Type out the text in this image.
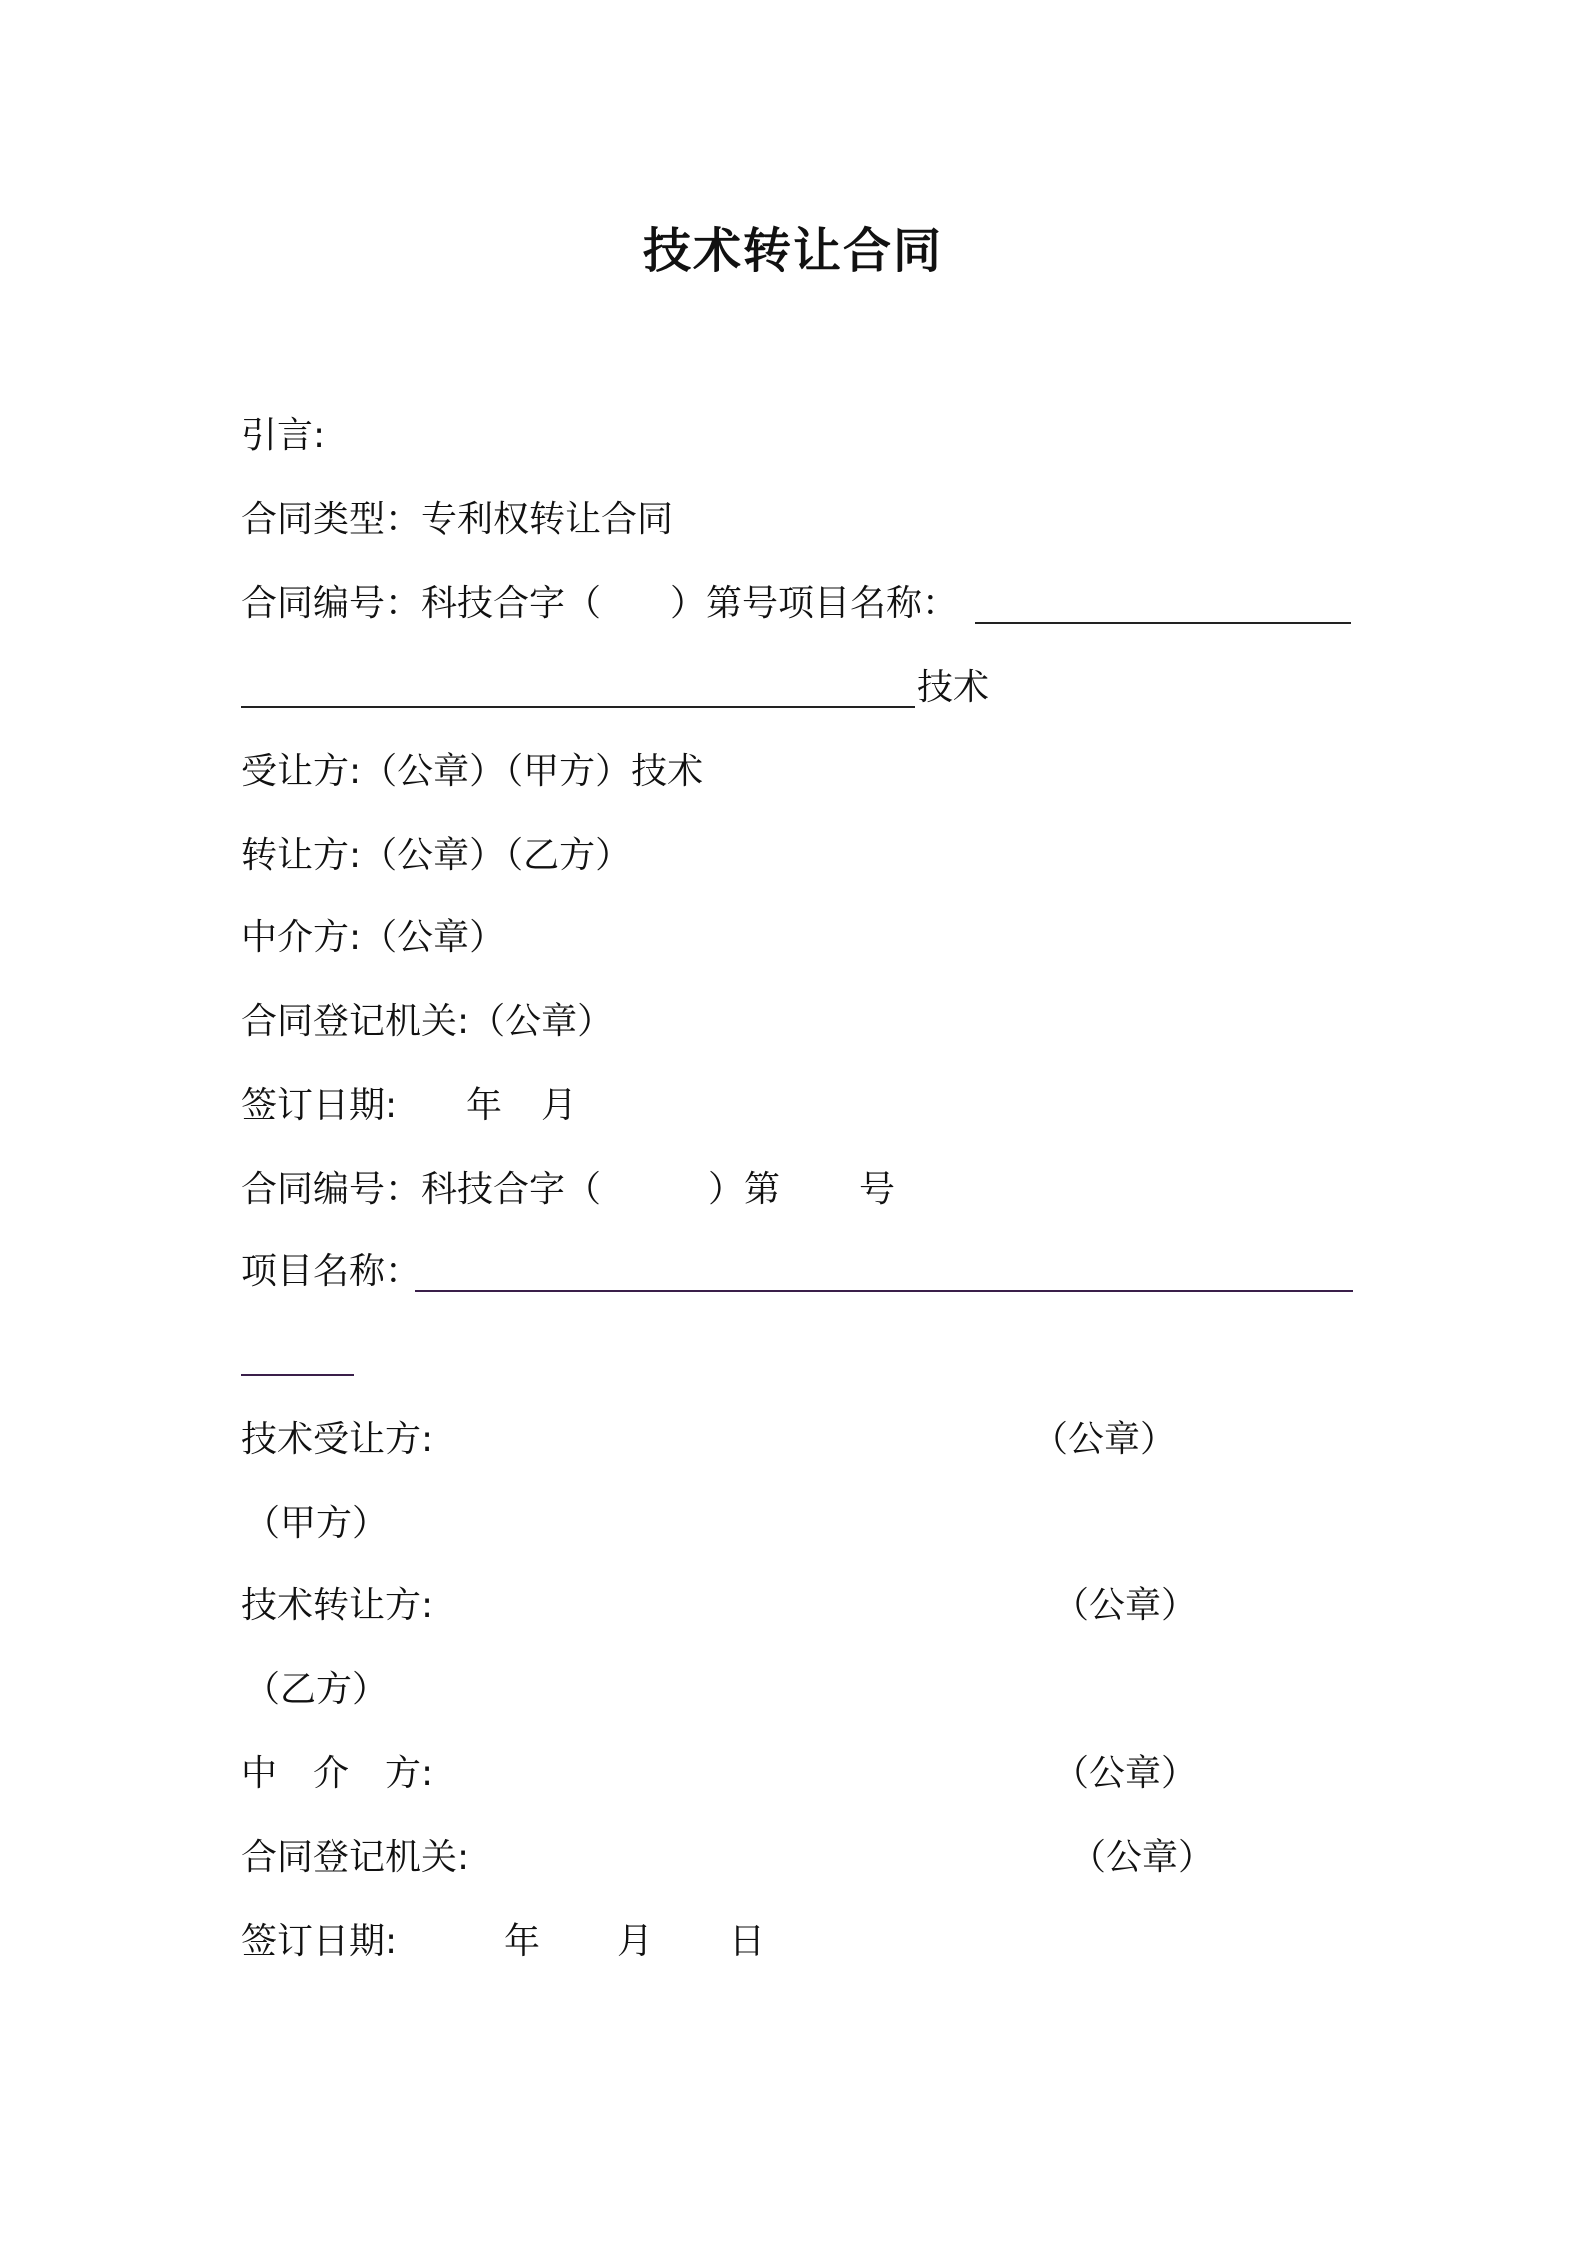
技术转让合同
引言:
合同类型：专利权转让合同
合同编号：科技合字（ ）第号项目名称：
技术
受让方:（公章）（甲方）技术
转让方:（公章）（乙方）
中介方:（公章）
合同登记机关:（公章）
签订日期: 年 月
合同编号：科技合字（	）第 号
项目名称：
技术受让方:	（公章）
（甲方）
技术转让方:	（公章）
（乙方）
中　介　方:	（公章）
合同登记机关:	（公章）
签订日期:	年 月 日
